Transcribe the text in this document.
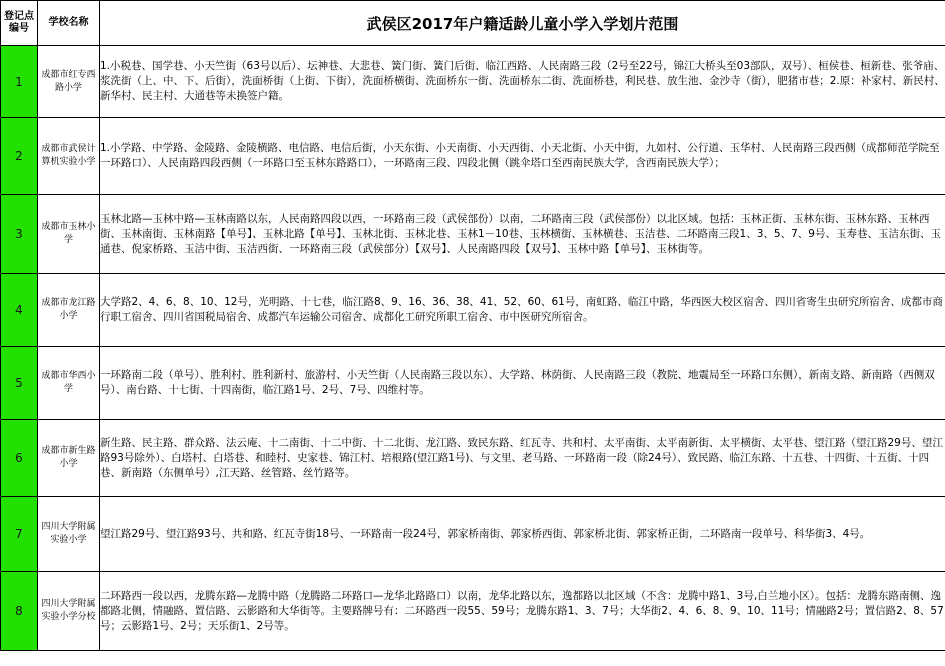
登记点
编号	学校名称	武侯区2017年户籍适龄儿童小学入学划片范围
1	成都市红专西路小学	1.小税巷、国学巷、小天竺街（63号以后）、坛神巷、大悲巷、簧门街、簧门后街、临江西路、人民南路三段（2号至22号，锦江大桥头至03部队，双号）、桓侯巷、桓新巷、张爷庙、浆洗街（上、中、下、后街），洗面桥街（上街、下街），洗面桥横街、洗面桥东一街、洗面桥东二街、洗面桥巷，利民巷、放生池、金沙寺（街），肥猪市巷；2.原：补家村、新民村、新华村、民主村、大通巷等未换签户籍。
2	成都市武侯计算机实验小学	1.小学路、中学路、金陵路、金陵横路、电信路、电信后街，小天东街、小天南街、小天西街、小天北街、小天中街，九如村、公行道、玉华村、人民南路三段西侧（成都师范学院至一环路口）、人民南路四段西侧（一环路口至玉林东路路口），一环路南三段、四段北侧（跳伞塔口至西南民族大学，含西南民族大学）；
3	成都市玉林小学	玉林北路—玉林中路—玉林南路以东，人民南路四段以西，一环路南三段（武侯部份）以南，二环路南三段（武侯部份）以北区域。包括：玉林正街、玉林东街、玉林东路、玉林西街、玉林南街、玉林南路【单号】、玉林北路【单号】、玉林北街、玉林北巷、玉林1－10巷、玉林横街、玉林横巷、玉洁巷、二环路南三段1、3、5、7、9号、玉寿巷、玉洁东街、玉通巷、倪家桥路、玉洁中街、玉洁西街、一环路南三段（武侯部分）【双号】、人民南路四段【双号】、玉林中路【单号】、玉林街等。
4	成都市龙江路小学	大学路2、4、6、8、10、12号，光明路、十七巷，临江路8、9、16、36、38、41、52、60、61号，南虹路、临江中路，华西医大校区宿舍、四川省寄生虫研究所宿舍、成都市商行职工宿舍、四川省国税局宿舍、成都汽车运输公司宿舍、成都化工研究所职工宿舍、市中医研究所宿舍。
5	成都市华西小学	一环路南二段（单号）、胜利村、胜利新村、旅游村、小天竺街（人民南路三段以东）、大学路、林荫街、人民南路三段（教院、地震局至一环路口东侧），新南支路、新南路（西侧双号）、南台路、十七街、十四南街，临江路1号、2号、7号、四维村等。
6	成都市新生路小学	新生路、民主路、群众路、法云庵、十二南街、十二中街、十二北街、龙江路、致民东路、红瓦寺、共和村、太平南街、太平南新街、太平横街、太平巷、望江路（望江路29号、望江路93号除外）、白塔村、白塔巷、和睦村、史家巷、锦江村、培根路(望江路1号)、与文里、老马路、一环路南一段（除24号）、致民路、临江东路、十五巷、十四街、十五街、十四巷、新南路（东侧单号）,江天路、丝管路、丝竹路等。
7	四川大学附属实验小学	望江路29号、望江路93号、共和路、红瓦寺街18号、一环路南一段24号，郭家桥南街、郭家桥西街、郭家桥北街、郭家桥正街，二环路南一段单号、科华街3、4号。
8	四川大学附属实验小学分校	二环路西一段以西，龙腾东路—龙腾中路（龙腾路二环路口—龙华北路路口）以南，龙华北路以东，逸都路以北区域（不含：龙腾中路1、3号,白兰地小区）。包括：龙腾东路南侧、逸都路北侧，情融路、置信路、云影路和大华街等。主要路牌号有：二环路西一段55、59号；龙腾东路1、3、7号；大华街2、4、6、8、9、10、11号；情融路2号；置信路2、8、57号；云影路1号、2号；天乐街1、2号等。
